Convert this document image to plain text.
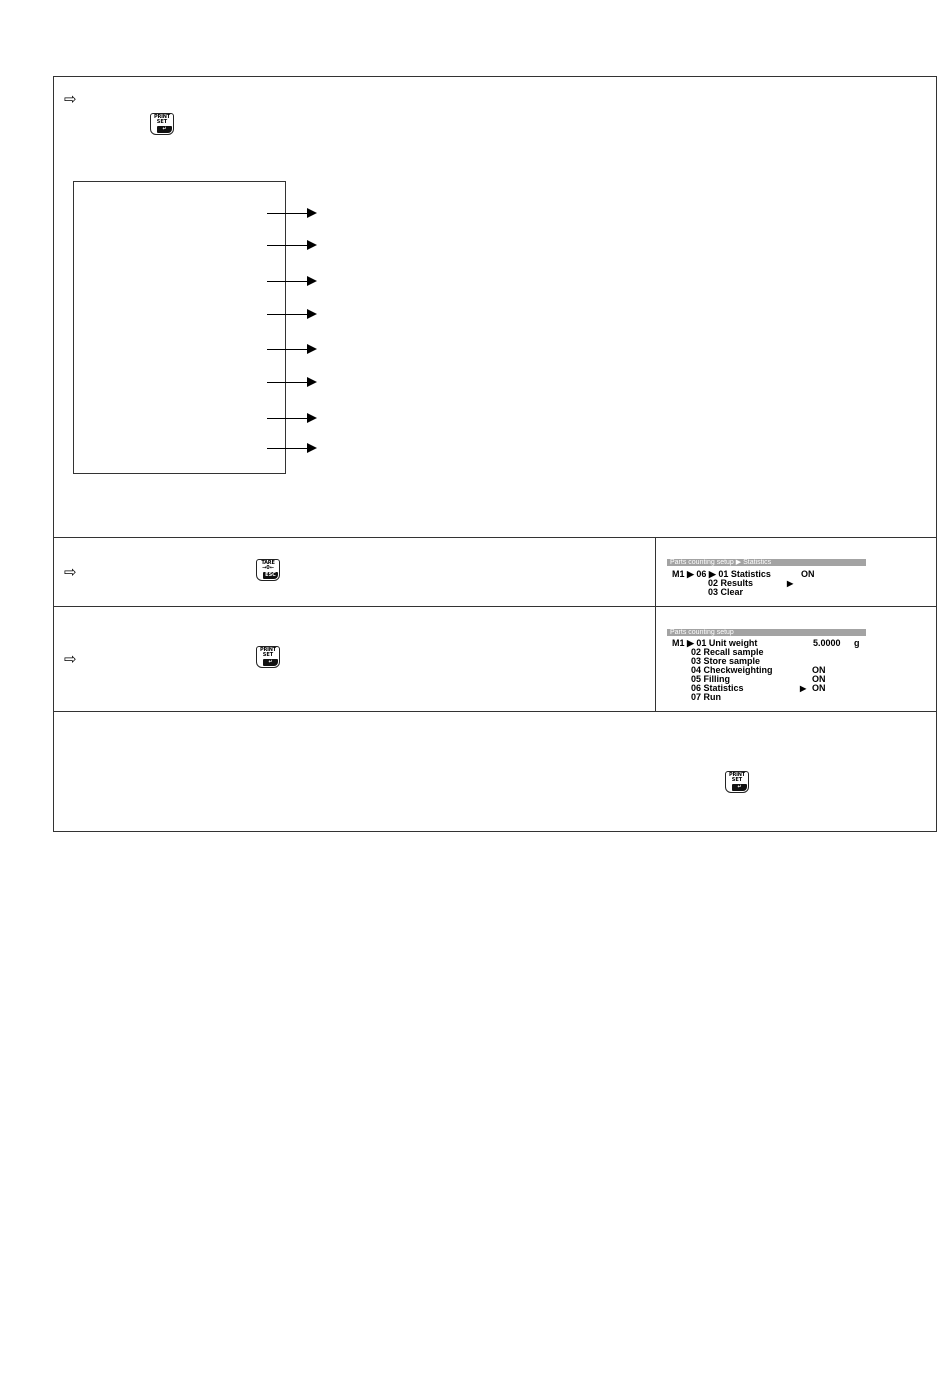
⇨
PRINT
SET
↵
⇨	TARE
→0←
ESC
Parts counting setup ▶ Statistics
M1 ▶ 06 ▶ 01 Statistics	ON
02 Results	▶
03 Clear
⇨	PRINT
SET
↵
Parts counting setup
M1 ▶ 01 Unit weight	5.0000 g
02 Recall sample
03 Store sample
04 Checkweighting	ON
05 Filling	ON
06 Statistics	▶ ON
07 Run
PRINT
SET
↵
